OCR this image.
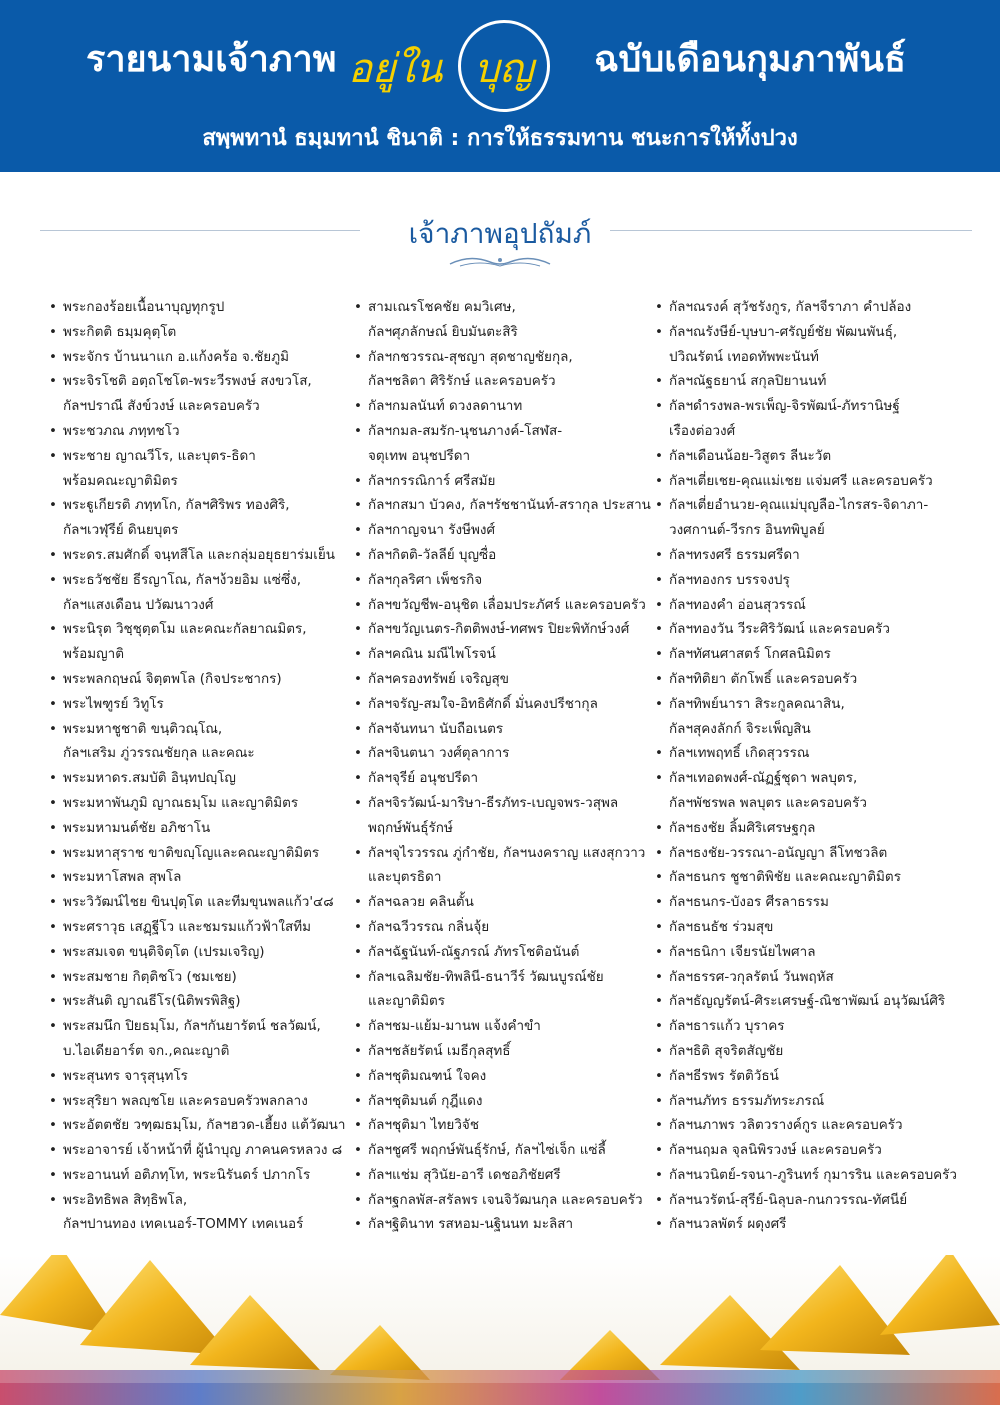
รายนามเจ้าภาพ อยู่ใน บุญ ฉบับเดือนกุมภาพันธ์
สพฺพทานํ ธมฺมทานํ ชินาติ : การให้ธรรมทาน ชนะการให้ทั้งปวง
เจ้าภาพอุปถัมภ์
• พระกองร้อยเนื้อนาบุญทุกรูป
• พระกิตติ ธมฺมคุตฺโต
• พระจักร บ้านนาแก อ.แก้งคร้อ จ.ชัยภูมิ
• พระจิรโชติ อตฺถโชโต-พระวีรพงษ์ สงขวโส,
กัลฯปราณี สังข์วงษ์ และครอบครัว
• พระชวภณ ภทฺทชโว
• พระชาย ญาณวีโร, และบุตร-ธิดา
พร้อมคณะญาติมิตร
• พระฐูเกียรติ ภทฺทโก, กัลฯศิริพร ทองศิริ,
กัลฯเวฬุรีย์ ดินยบุตร
• พระดร.สมศักดิ์ จนฺทสีโล และกลุ่มอยุธยาร่มเย็น
• พระธวัชชัย ธีรญาโณ, กัลฯง้วยอิม แซ่ซึ่ง,
กัลฯแสงเดือน ปวัฒนาวงศ์
• พระนิรุต วิชฺชุตฺตโม และคณะกัลยาณมิตร,
พร้อมญาติ
• พระพลกฤษณ์ จิตฺตพโล (กิจประชากร)
• พระไพฑูรย์ วิทูโร
• พระมหาชูชาติ ขนฺติวณฺโณ,
กัลฯเสริม ภู่วรรณชัยกุล และคณะ
• พระมหาดร.สมบัติ อินฺทปญฺโญ
• พระมหาพันภูมิ ญาณธมฺโม และญาติมิตร
• พระมหามนต์ชัย อภิชาโน
• พระมหาสุราช ขาติขญฺโญและคณะญาติมิตร
• พระมหาโสพล สุพโล
• พระวิวัฒน์ไชย ขินปุตฺโต และทีมขุนพลแก้ว'๔๘
• พระศราวุธ เสฏฺฐีโว และชมรมแก้วฟ้าใสทีม
• พระสมเจต ขนฺติจิตฺโต (เปรมเจริญ)
• พระสมชาย กิตฺติชโว (ชมเชย)
• พระสันติ ญาณธีโร(นิติพรพิสิฐ)
• พระสมนึก ปิยธมฺโม, กัลฯกันยารัตน์ ชลวัฒน์,
บ.ไอเดียอาร์ต จก.,คณะญาติ
• พระสุนทร จารุสุนฺทโร
• พระสุริยา พลญฺชโย และครอบครัวพลกลาง
• พระอัตตชัย วฑฺฒธมฺโม, กัลฯฮวด-เฮี้ยง แต้วัฒนา
• พระอาจารย์ เจ้าหน้าที่ ผู้นำบุญ ภาคนครหลวง ๘
• พระอานนท์ อติภทฺโท, พระนิรันดร์ ปภากโร
• พระอิทธิพล สิทฺธิพโล,
กัลฯปานทอง เทคเนอร์-TOMMY เทคเนอร์
• สามเณรโชคชัย คมวิเศษ,
กัลฯศุภลักษณ์ ยิบมันตะสิริ
• กัลฯกชวรรณ-สุชญา สุดชาญชัยกุล,
กัลฯชลิตา ศิริรักษ์ และครอบครัว
• กัลฯกมลนันท์ ดวงลดานาท
• กัลฯกมล-สมรัก-นุชนภางค์-โสฬส-
จตุเทพ อนุชปรีดา
• กัลฯกรรณิการ์ ศรีสมัย
• กัลฯกสมา บัวคง, กัลฯรัชชานันท์-สรากุล ประสาน
• กัลฯกาญจนา รังษีพงศ์
• กัลฯกิตติ-วัลลีย์ บุญซื่อ
• กัลฯกุลริศา เพ็ชรกิจ
• กัลฯขวัญชีพ-อนุชิต เลื่อมประภัศร์ และครอบครัว
• กัลฯขวัญเนตร-กิตติพงษ์-ทศพร ปิยะพิทักษ์วงศ์
• กัลฯคณิน มณีไพโรจน์
• กัลฯครองทรัพย์ เจริญสุข
• กัลฯจรัญ-สมใจ-อิทธิศักดิ์ มั่นคงปรีชากุล
• กัลฯจันทนา นับถือเนตร
• กัลฯจินตนา วงศ์ตุลาการ
• กัลฯจุรีย์ อนุชปรีดา
• กัลฯจิรวัฒน์-มาริษา-ธีรภัทร-เบญจพร-วสุพล
พฤกษ์พันธุ์รักษ์
• กัลฯจุไรวรรณ ภู่กำชัย, กัลฯนงคราญ แสงสุกวาว
และบุตรธิดา
• กัลฯฉลวย คลินตั้น
• กัลฯฉวีวรรณ กลิ่นจุ้ย
• กัลฯฉัฐนันท์-ณัฐภรณ์ ภัทรโชติอนันต์
• กัลฯเฉลิมชัย-ทิพลินี-ธนาวีร์ วัฒนบูรณ์ชัย
และญาติมิตร
• กัลฯชม-แย้ม-มานพ แจ้งคำขำ
• กัลฯชลัยรัตน์ เมธีกุลสุทธิ์
• กัลฯชุติมณฑน์ ใจคง
• กัลฯชุติมนต์ กุฎีแดง
• กัลฯชุติมา ไทยวิจัช
• กัลฯชูศรี พฤกษ์พันธุ์รักษ์, กัลฯไซ่เจ็ก แซ่ลี้
• กัลฯแช่ม สุวินัย-อารี เดชอภิชัยศรี
• กัลฯฐกลพัส-สรัลพร เจนจิวัฒนกุล และครอบครัว
• กัลฯฐิตินาท รสหอม-นฐินนท มะลิสา
• กัลฯณรงค์ สุวัชรังกูร, กัลฯจีราภา คำปล้อง
• กัลฯณรังษีย์-บุษบา-ศรัญย์ชัย พัฒนพันธุ์,
ปวิณรัตน์ เทอดทัพพะนันท์
• กัลฯณัฐธยาน์ สกุลปิยานนท์
• กัลฯดำรงพล-พรเพ็ญ-จิรพัฒน์-ภัทรานิษฐ์
เรืองต่อวงศ์
• กัลฯเดือนน้อย-วิสูตร ลีนะวัต
• กัลฯเตี่ยเชย-คุณแม่เชย แจ่มศรี และครอบครัว
• กัลฯเตี่ยอำนวย-คุณแม่บุญลือ-ไกรสร-จิดาภา-
วงศกานต์-วีรกร อินทพิบูลย์
• กัลฯทรงศรี ธรรมศรีดา
• กัลฯทองกร บรรจงปรุ
• กัลฯทองคำ อ่อนสุวรรณ์
• กัลฯทองวัน วีระศิริวัฒน์ และครอบครัว
• กัลฯทัศนศาสตร์ โกศลนิมิตร
• กัลฯทิติยา ตักโพธิ์ และครอบครัว
• กัลฯทิพย์นารา สิระกูลคณาสิน,
กัลฯสุคงลักก์ จิระเพ็ญสิน
• กัลฯเทพฤทธิ์ เกิดสุวรรณ
• กัลฯเทอดพงศ์-ณัฏฐ์ชุดา พลบุตร,
กัลฯพัชรพล พลบุตร และครอบครัว
• กัลฯธงชัย ลิ้มศิริเศรษฐกุล
• กัลฯธงชัย-วรรณา-อนัญญา ลีโทชวลิต
• กัลฯธนกร ชูชาติพิชัย และคณะญาติมิตร
• กัลฯธนกร-บังอร ศีรลาธรรม
• กัลฯธนธัช ร่วมสุข
• กัลฯธนิกา เจียรนัยไพศาล
• กัลฯธรรศ-วกุลรัตน์ วันพฤหัส
• กัลฯธัญญรัตน์-ศิระเศรษฐ์-ณิชาพัฒน์ อนุวัฒน์ศิริ
• กัลฯธารแก้ว บุราคร
• กัลฯธิติ สุจริตสัญชัย
• กัลฯธีรพร รัตติวัธน์
• กัลฯนภัทร ธรรมภัทระภรณ์
• กัลฯนภาพร วลิตวรางค์กูร และครอบครัว
• กัลฯนฤมล จุลนิพิรวงษ์ และครอบครัว
• กัลฯนวนิตย์-รจนา-ภูรินทร์ กุมารริน และครอบครัว
• กัลฯนวรัตน์-สุรีย์-นิลุบล-กนกวรรณ-ทัศนีย์
• กัลฯนวลพัตร์ ผดุงศรี
